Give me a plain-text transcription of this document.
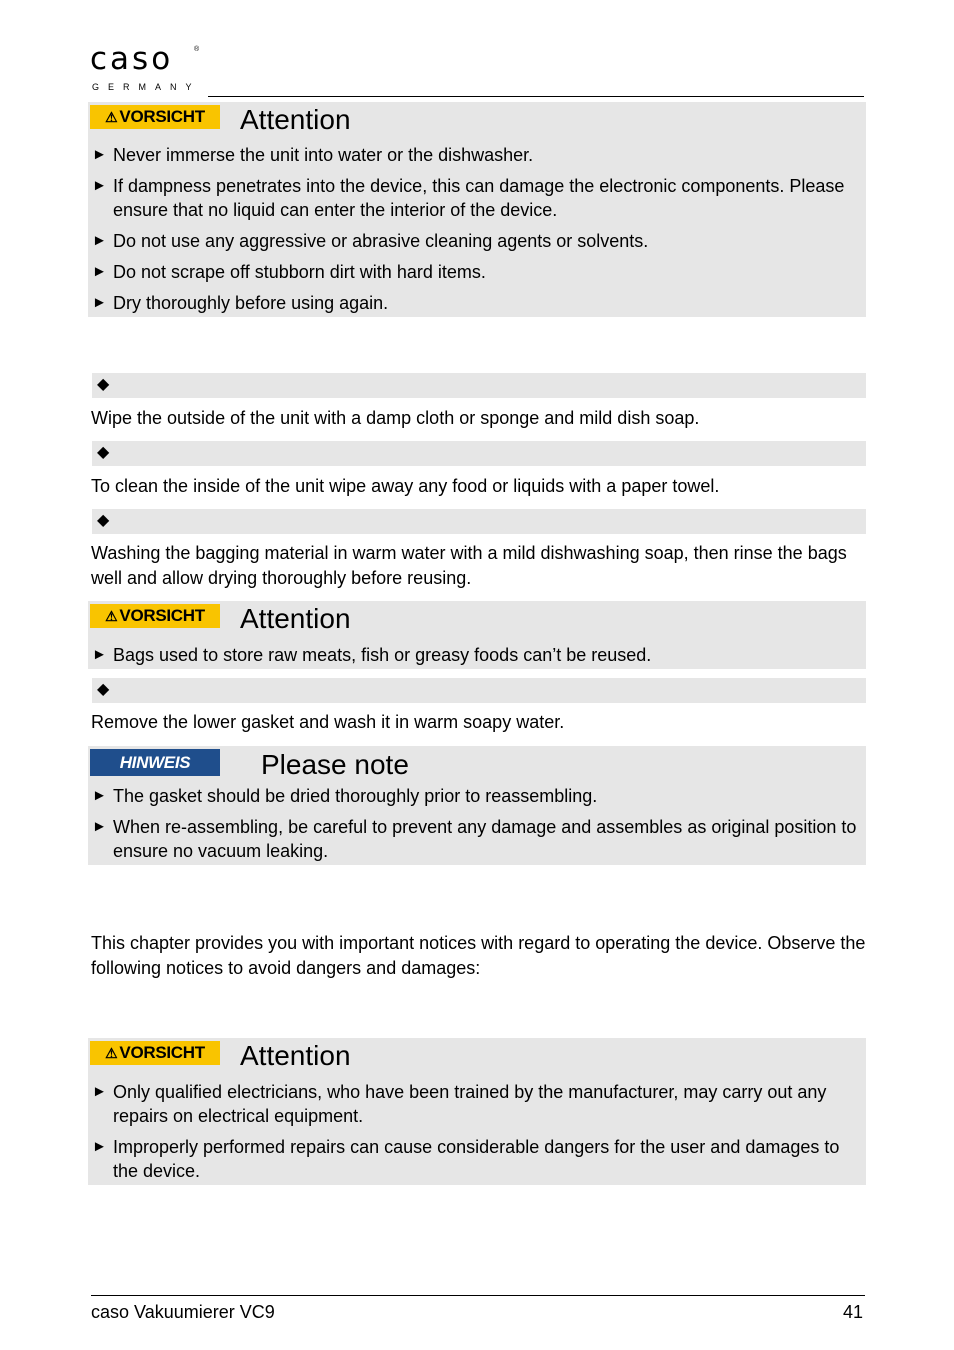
caso	®
GERMANY
⚠ VORSICHT Attention
► Never immerse the unit into water or the dishwasher.
► If dampness penetrates into the device, this can damage the electronic components. Please ensure that no liquid can enter the interior of the device.
► Do not use any aggressive or abrasive cleaning agents or solvents.
► Do not scrape off stubborn dirt with hard items.
► Dry thoroughly before using again.
◆

Wipe the outside of the unit with a damp cloth or sponge and mild dish soap.

◆

To clean the inside of the unit wipe away any food or liquids with a paper towel.

◆

Washing the bagging material in warm water with a mild dishwashing soap, then rinse the bags well and allow drying thoroughly before reusing.

⚠ VORSICHT Attention
► Bags used to store raw meats, fish or greasy foods can’t be reused.
◆

Remove the lower gasket and wash it in warm soapy water.

HINWEIS	Please note
► The gasket should be dried thoroughly prior to reassembling.
► When re-assembling, be careful to prevent any damage and assembles as original position to ensure no vacuum leaking.

This chapter provides you with important notices with regard to operating the device. Observe the following notices to avoid dangers and damages:

⚠ VORSICHT Attention
► Only qualified electricians, who have been trained by the manufacturer, may carry out any repairs on electrical equipment.
► Improperly performed repairs can cause considerable dangers for the user and damages to the device.
caso Vakuumierer VC9	41
